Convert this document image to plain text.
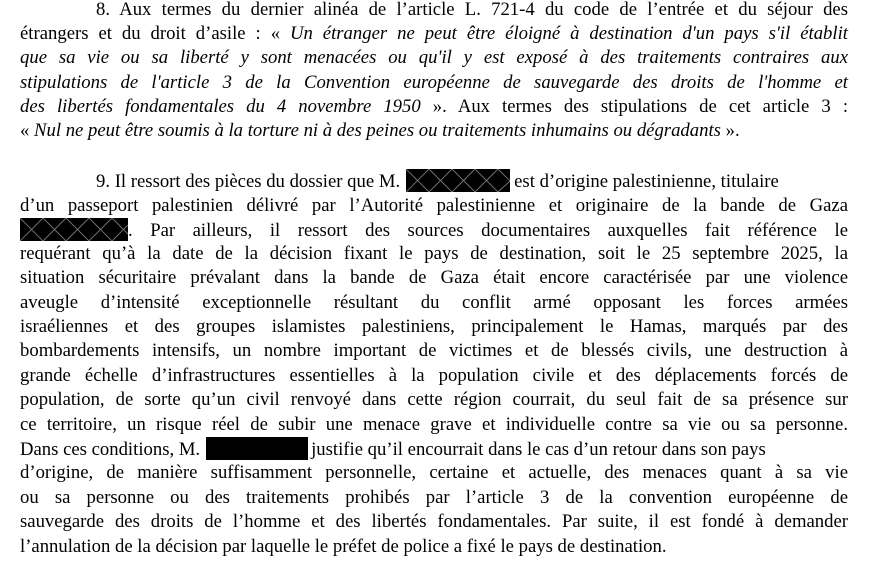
8. Aux termes du dernier alinéa de l’article L. 721-4 du code de l’entrée et du séjour des
étrangers et du droit d’asile : « Un étranger ne peut être éloigné à destination d'un pays s'il établit
que sa vie ou sa liberté y sont menacées ou qu'il y est exposé à des traitements contraires aux
stipulations de l'article 3 de la Convention européenne de sauvegarde des droits de l'homme et
des libertés fondamentales du 4 novembre 1950 ». Aux termes des stipulations de cet article 3 :
« Nul ne peut être soumis à la torture ni à des peines ou traitements inhumains ou dégradants ».
9. Il ressort des pièces du dossier que M.	est d’origine palestinienne, titulaire
d’un passeport palestinien délivré par l’Autorité palestinienne et originaire de la bande de Gaza
. Par ailleurs, il ressort des sources documentaires auxquelles fait référence le
requérant qu’à la date de la décision fixant le pays de destination, soit le 25 septembre 2025, la
situation sécuritaire prévalant dans la bande de Gaza était encore caractérisée par une violence
aveugle d’intensité exceptionnelle résultant du conflit armé opposant les forces armées
israéliennes et des groupes islamistes palestiniens, principalement le Hamas, marqués par des
bombardements intensifs, un nombre important de victimes et de blessés civils, une destruction à
grande échelle d’infrastructures essentielles à la population civile et des déplacements forcés de
population, de sorte qu’un civil renvoyé dans cette région courrait, du seul fait de sa présence sur
ce territoire, un risque réel de subir une menace grave et individuelle contre sa vie ou sa personne.
Dans ces conditions, M.	justifie qu’il encourrait dans le cas d’un retour dans son pays
d’origine, de manière suffisamment personnelle, certaine et actuelle, des menaces quant à sa vie
ou sa personne ou des traitements prohibés par l’article 3 de la convention européenne de
sauvegarde des droits de l’homme et des libertés fondamentales. Par suite, il est fondé à demander
l’annulation de la décision par laquelle le préfet de police a fixé le pays de destination.
